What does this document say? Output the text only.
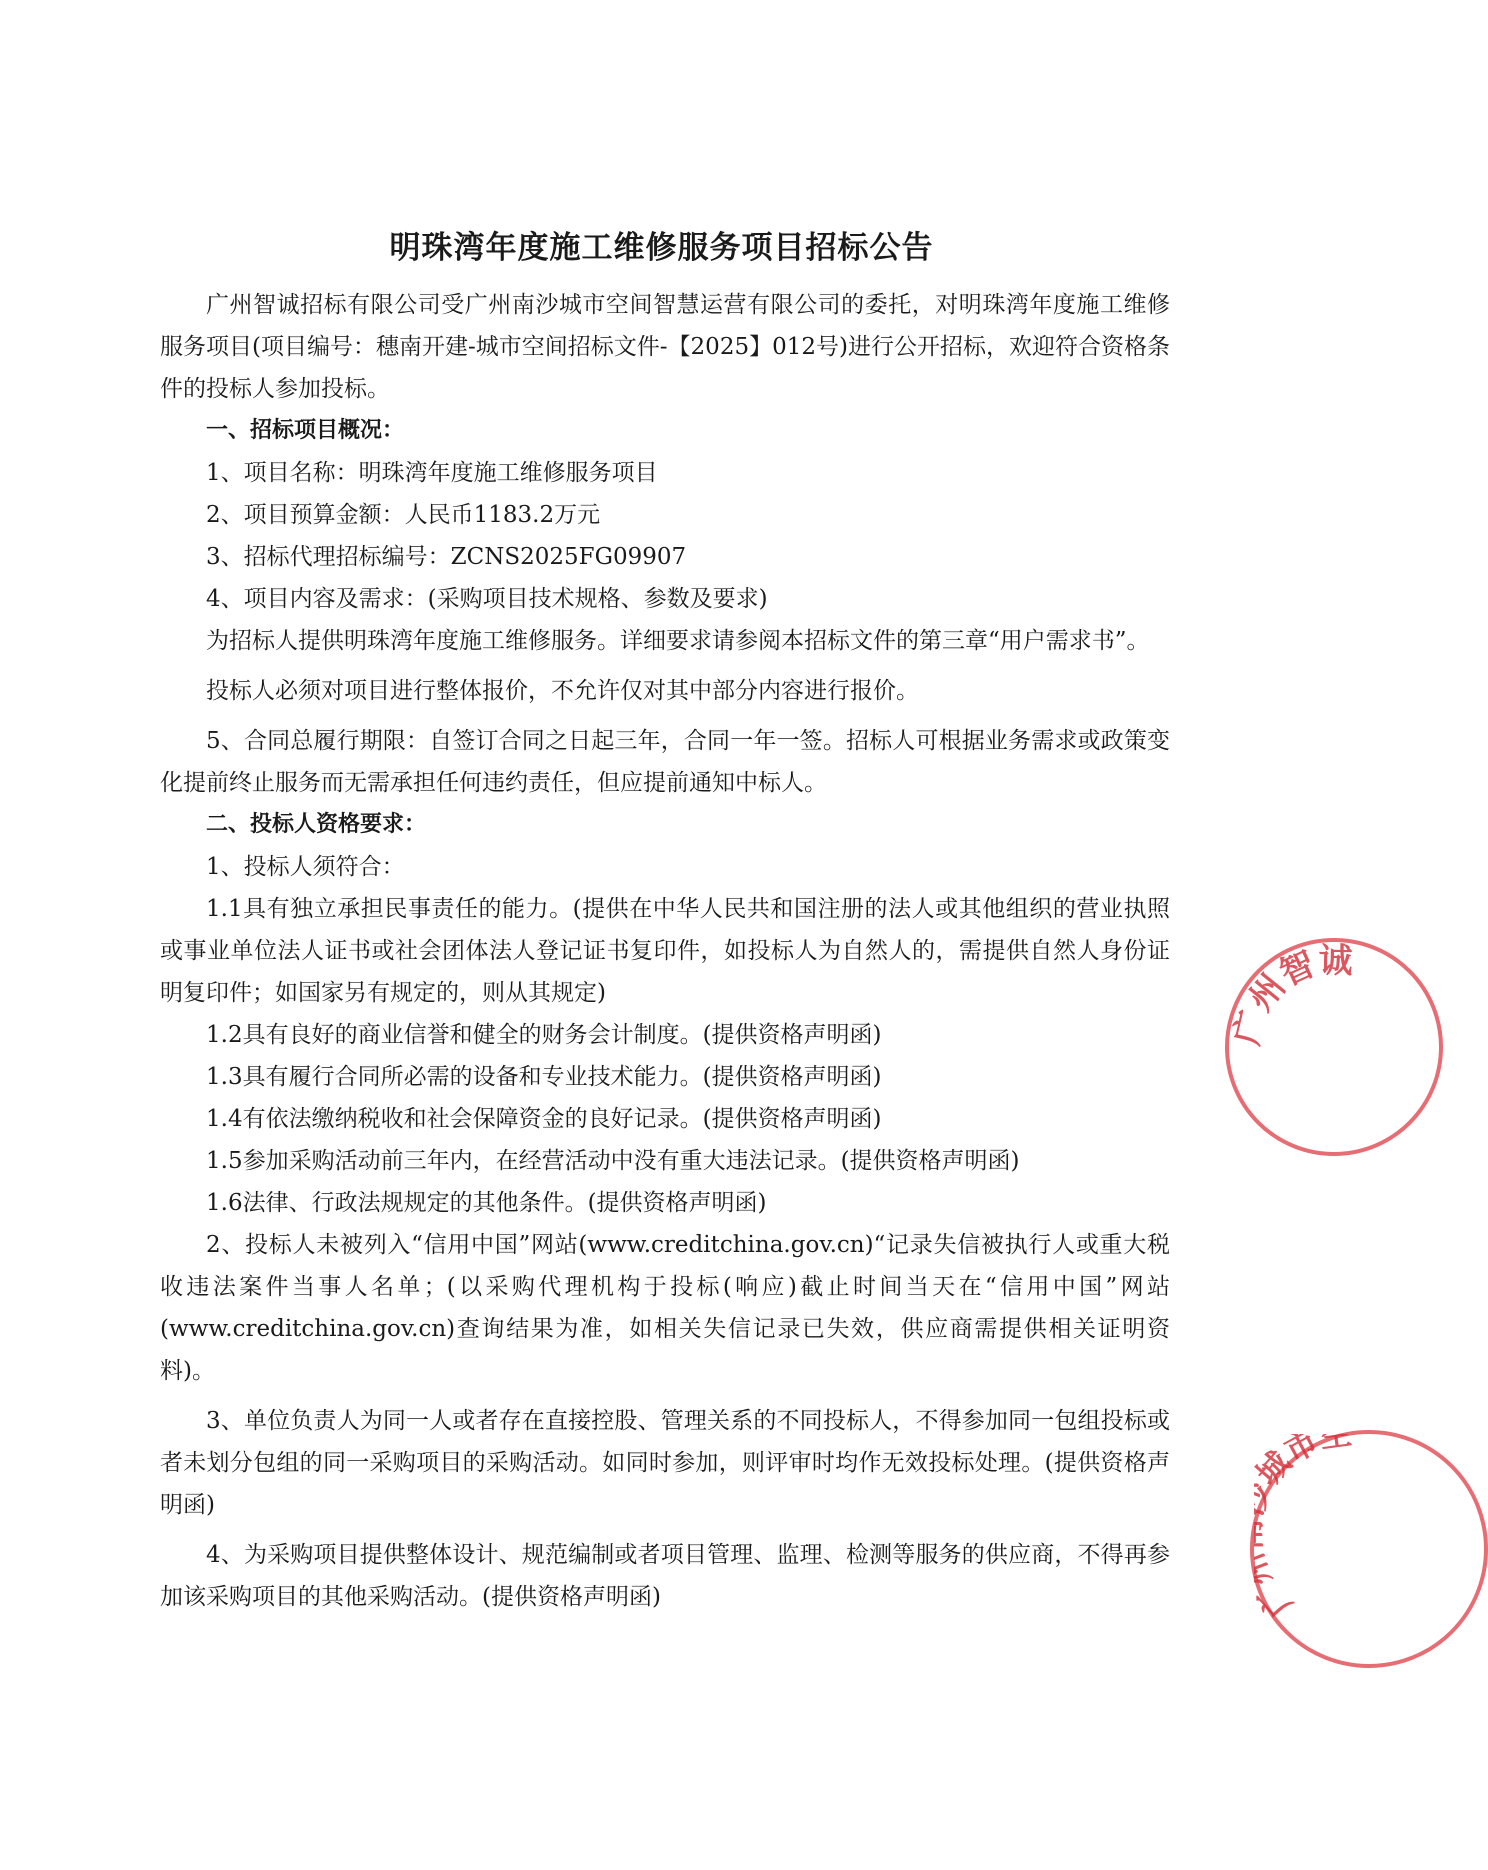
明珠湾年度施工维修服务项目招标公告

广州智诚招标有限公司受广州南沙城市空间智慧运营有限公司的委托，对明珠湾年度施工维修服务项目(项目编号：穗南开建-城市空间招标文件-【2025】012号)进行公开招标，欢迎符合资格条件的投标人参加投标。

一、招标项目概况：

1、项目名称：明珠湾年度施工维修服务项目

2、项目预算金额：人民币1183.2万元

3、招标代理招标编号：ZCNS2025FG09907

4、项目内容及需求：(采购项目技术规格、参数及要求)

为招标人提供明珠湾年度施工维修服务。详细要求请参阅本招标文件的第三章“用户需求书”。

投标人必须对项目进行整体报价，不允许仅对其中部分内容进行报价。

5、合同总履行期限：自签订合同之日起三年，合同一年一签。招标人可根据业务需求或政策变化提前终止服务而无需承担任何违约责任，但应提前通知中标人。

二、投标人资格要求：

1、投标人须符合：

1.1具有独立承担民事责任的能力。(提供在中华人民共和国注册的法人或其他组织的营业执照或事业单位法人证书或社会团体法人登记证书复印件，如投标人为自然人的，需提供自然人身份证明复印件；如国家另有规定的，则从其规定)

1.2具有良好的商业信誉和健全的财务会计制度。(提供资格声明函)

1.3具有履行合同所必需的设备和专业技术能力。(提供资格声明函)

1.4有依法缴纳税收和社会保障资金的良好记录。(提供资格声明函)

1.5参加采购活动前三年内，在经营活动中没有重大违法记录。(提供资格声明函)

1.6法律、行政法规规定的其他条件。(提供资格声明函)

2、投标人未被列入“信用中国”网站(www.creditchina.gov.cn)“记录失信被执行人或重大税收违法案件当事人名单；(以采购代理机构于投标(响应)截止时间当天在“信用中国”网站(www.creditchina.gov.cn)查询结果为准，如相关失信记录已失效，供应商需提供相关证明资料)。

3、单位负责人为同一人或者存在直接控股、管理关系的不同投标人，不得参加同一包组投标或者未划分包组的同一采购项目的采购活动。如同时参加，则评审时均作无效投标处理。(提供资格声明函)

4、为采购项目提供整体设计、规范编制或者项目管理、监理、检测等服务的供应商，不得再参加该采购项目的其他采购活动。(提供资格声明函)

广州智诚
广 市空
